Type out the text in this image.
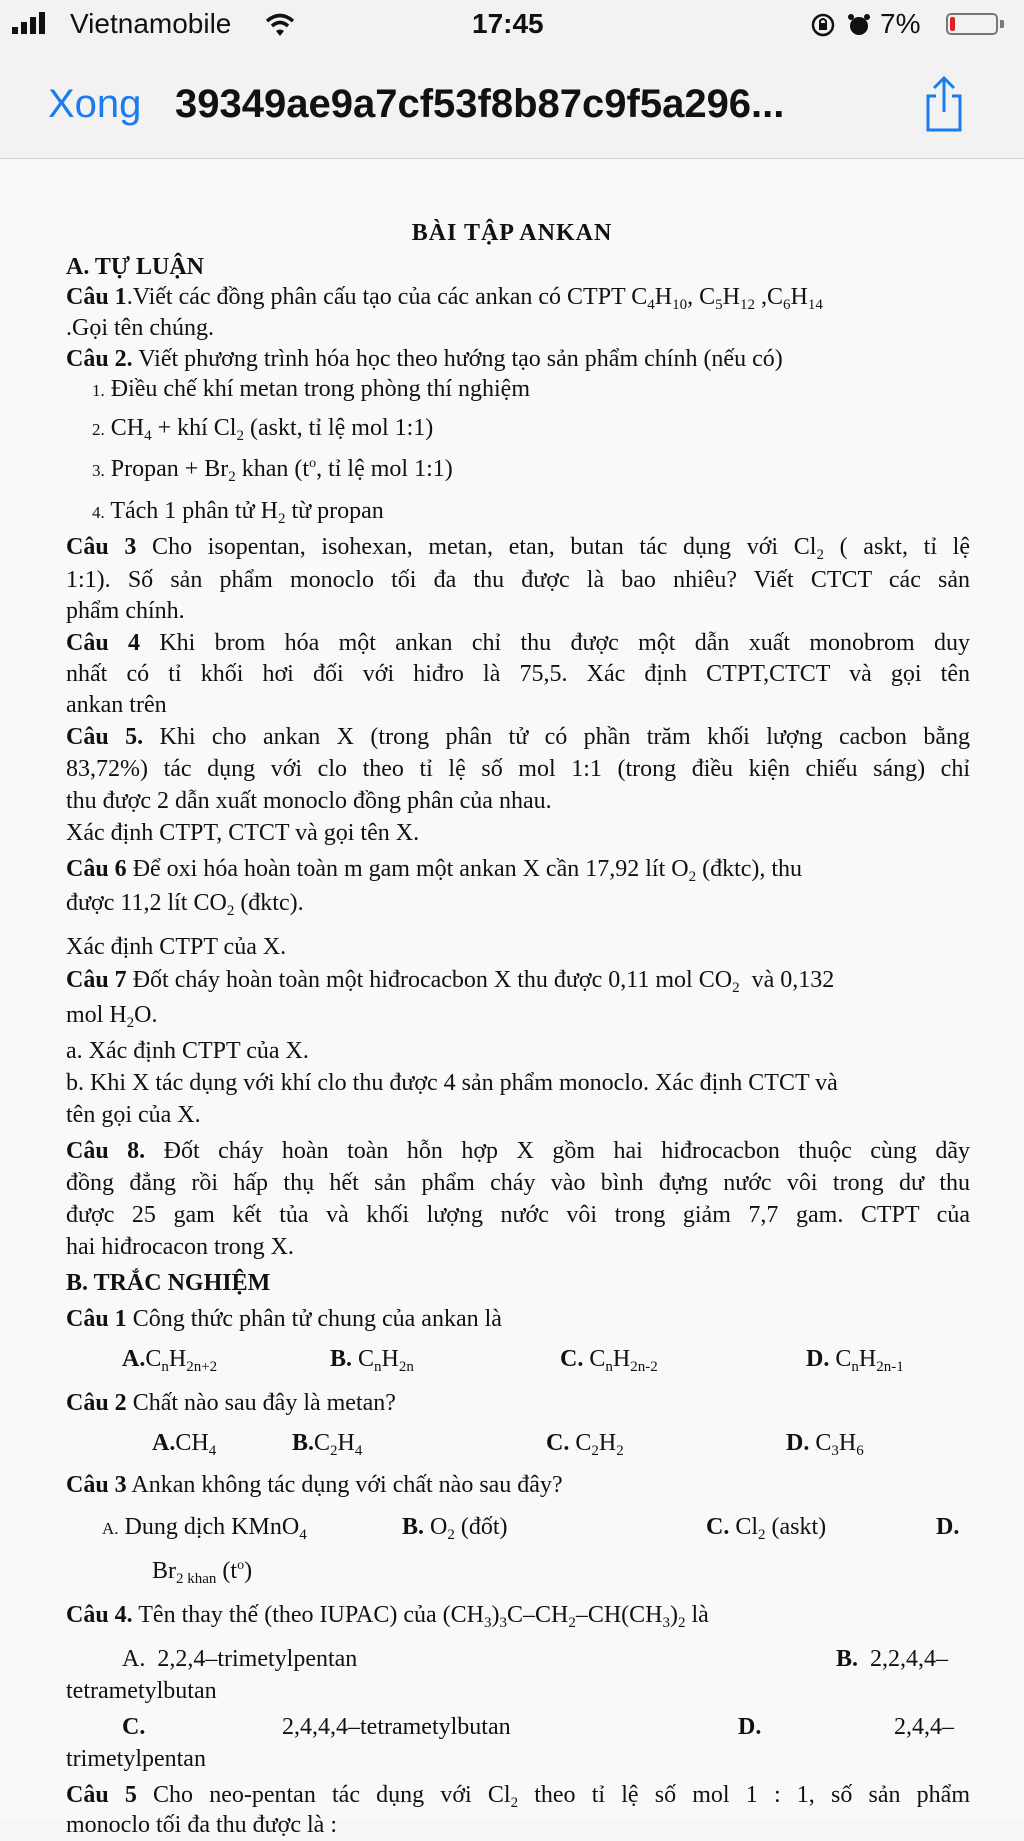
Vietnamobile	17:45	7%
Xong 39349ae9a7cf53f8b87c9f5a296...
BÀI TẬP ANKAN
A. TỰ LUẬN
Câu 1.Viết các đồng phân cấu tạo của các ankan có CTPT $C_4H_{10}$, $C_5H_{12}$ $,C_6H_{14}$
.Gọi tên chúng.
Câu 2. Viết phương trình hóa học theo hướng tạo sản phẩm chính (nếu có)
1. Điều chế khí metan trong phòng thí nghiệm
2. $CH_4$ + khí $Cl_2$ (askt, tỉ lệ mol 1:1)
3. Propan + $Br_2$ khan ($t^o$, tỉ lệ mol 1:1)
4. Tách 1 phân tử $H_2$ từ propan
Câu 3 Cho isopentan, isohexan, metan, etan, butan tác dụng với $Cl_2$ ( askt, tỉ lệ
1:1). Số sản phẩm monoclo tối đa thu được là bao nhiêu? Viết CTCT các sản
phẩm chính.
Câu 4 Khi brom hóa một ankan chỉ thu được một dẫn xuất monobrom duy
nhất có tỉ khối hơi đối với hiđro là 75,5. Xác định CTPT,CTCT và gọi tên
ankan trên
Câu 5. Khi cho ankan X (trong phân tử có phần trăm khối lượng cacbon bằng
83,72%) tác dụng với clo theo tỉ lệ số mol 1:1 (trong điều kiện chiếu sáng) chỉ
thu được 2 dẫn xuất monoclo đồng phân của nhau.
Xác định CTPT, CTCT và gọi tên X.
Câu 6 Để oxi hóa hoàn toàn m gam một ankan X cần 17,92 lít $O_2$ (đktc), thu
được 11,2 lít $CO_2$ (đktc).
Xác định CTPT của X.
Câu 7 Đốt cháy hoàn toàn một hiđrocacbon X thu được 0,11 mol $CO_2$  và 0,132
mol $H_2O$.
a. Xác định CTPT của X.
b. Khi X tác dụng với khí clo thu được 4 sản phẩm monoclo. Xác định CTCT và
tên gọi của X.
Câu 8. Đốt cháy hoàn toàn hỗn hợp X gồm hai hiđrocacbon thuộc cùng dãy
đồng đẳng rồi hấp thụ hết sản phẩm cháy vào bình đựng nước vôi trong dư thu
được 25 gam kết tủa và khối lượng nước vôi trong giảm 7,7 gam. CTPT của
hai hiđrocacon trong X.
B. TRẮC NGHIỆM
Câu 1 Công thức phân tử chung của ankan là
$A.C_nH_{2n+2}$	B. $C_nH_{2n}$	C. $C_nH_{2n-2}$	D. $C_nH_{2n-1}$
Câu 2 Chất nào sau đây là metan?
$A.CH_4$	$B.C_2H_4$	C. $C_2H_2$	D. $C_3H_6$
Câu 3 Ankan không tác dụng với chất nào sau đây?
A. Dung dịch KMnO$_4$	B. $O_2$ (đốt)	C. $Cl_2$ (askt)	D.
$Br_{2 khan}$ $(t^o)$
Câu 4. Tên thay thế (theo IUPAC) của $(CH_3)_3C-CH_2-CH(CH_3)_2$ là
A.  2,2,4–trimetylpentan	B.  2,2,4,4–
tetrametylbutan
C.	2,4,4,4–tetrametylbutan	D.	2,4,4–
trimetylpentan
Câu 5 Cho neo-pentan tác dụng với $Cl_2$ theo tỉ lệ số mol 1 : 1, số sản phẩm
monoclo tối đa thu được là :
